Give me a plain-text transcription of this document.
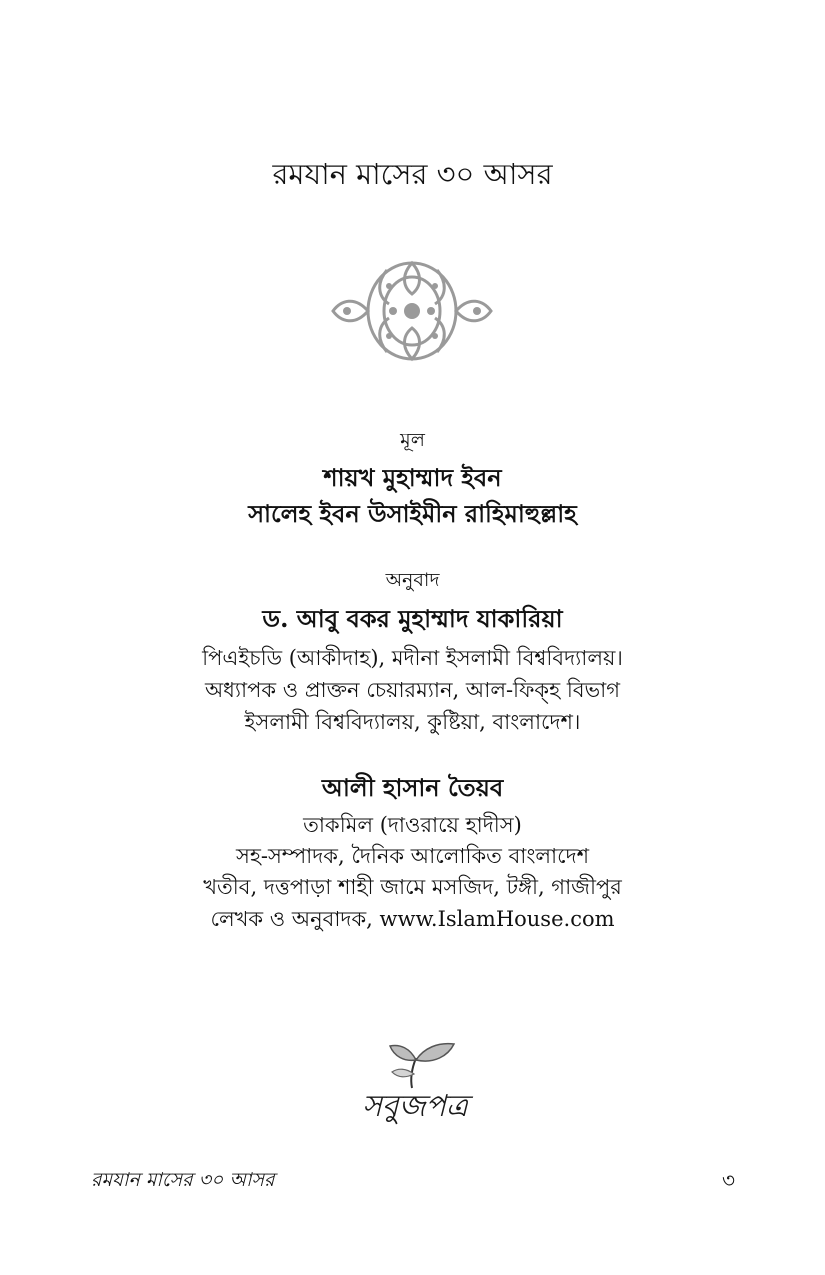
রমযান মাসের ৩০ আসর
মূল
শায়খ মুহাম্মাদ ইবন
সালেহ ইবন উসাইমীন রাহিমাহুল্লাহ
অনুবাদ
ড. আবু বকর মুহাম্মাদ যাকারিয়া
পিএইচডি (আকীদাহ), মদীনা ইসলামী বিশ্ববিদ্যালয়।
অধ্যাপক ও প্রাক্তন চেয়ারম্যান, আল-ফিক্‌হ বিভাগ
ইসলামী বিশ্ববিদ্যালয়, কুষ্টিয়া, বাংলাদেশ।
আলী হাসান তৈয়ব
তাকমিল (দাওরায়ে হাদীস)
সহ-সম্পাদক, দৈনিক আলোকিত বাংলাদেশ
খতীব, দত্তপাড়া শাহী জামে মসজিদ, টঙ্গী, গাজীপুর
লেখক ও অনুবাদক, www.IslamHouse.com
সবুজপত্র
রমযান মাসের ৩০ আসর	৩
